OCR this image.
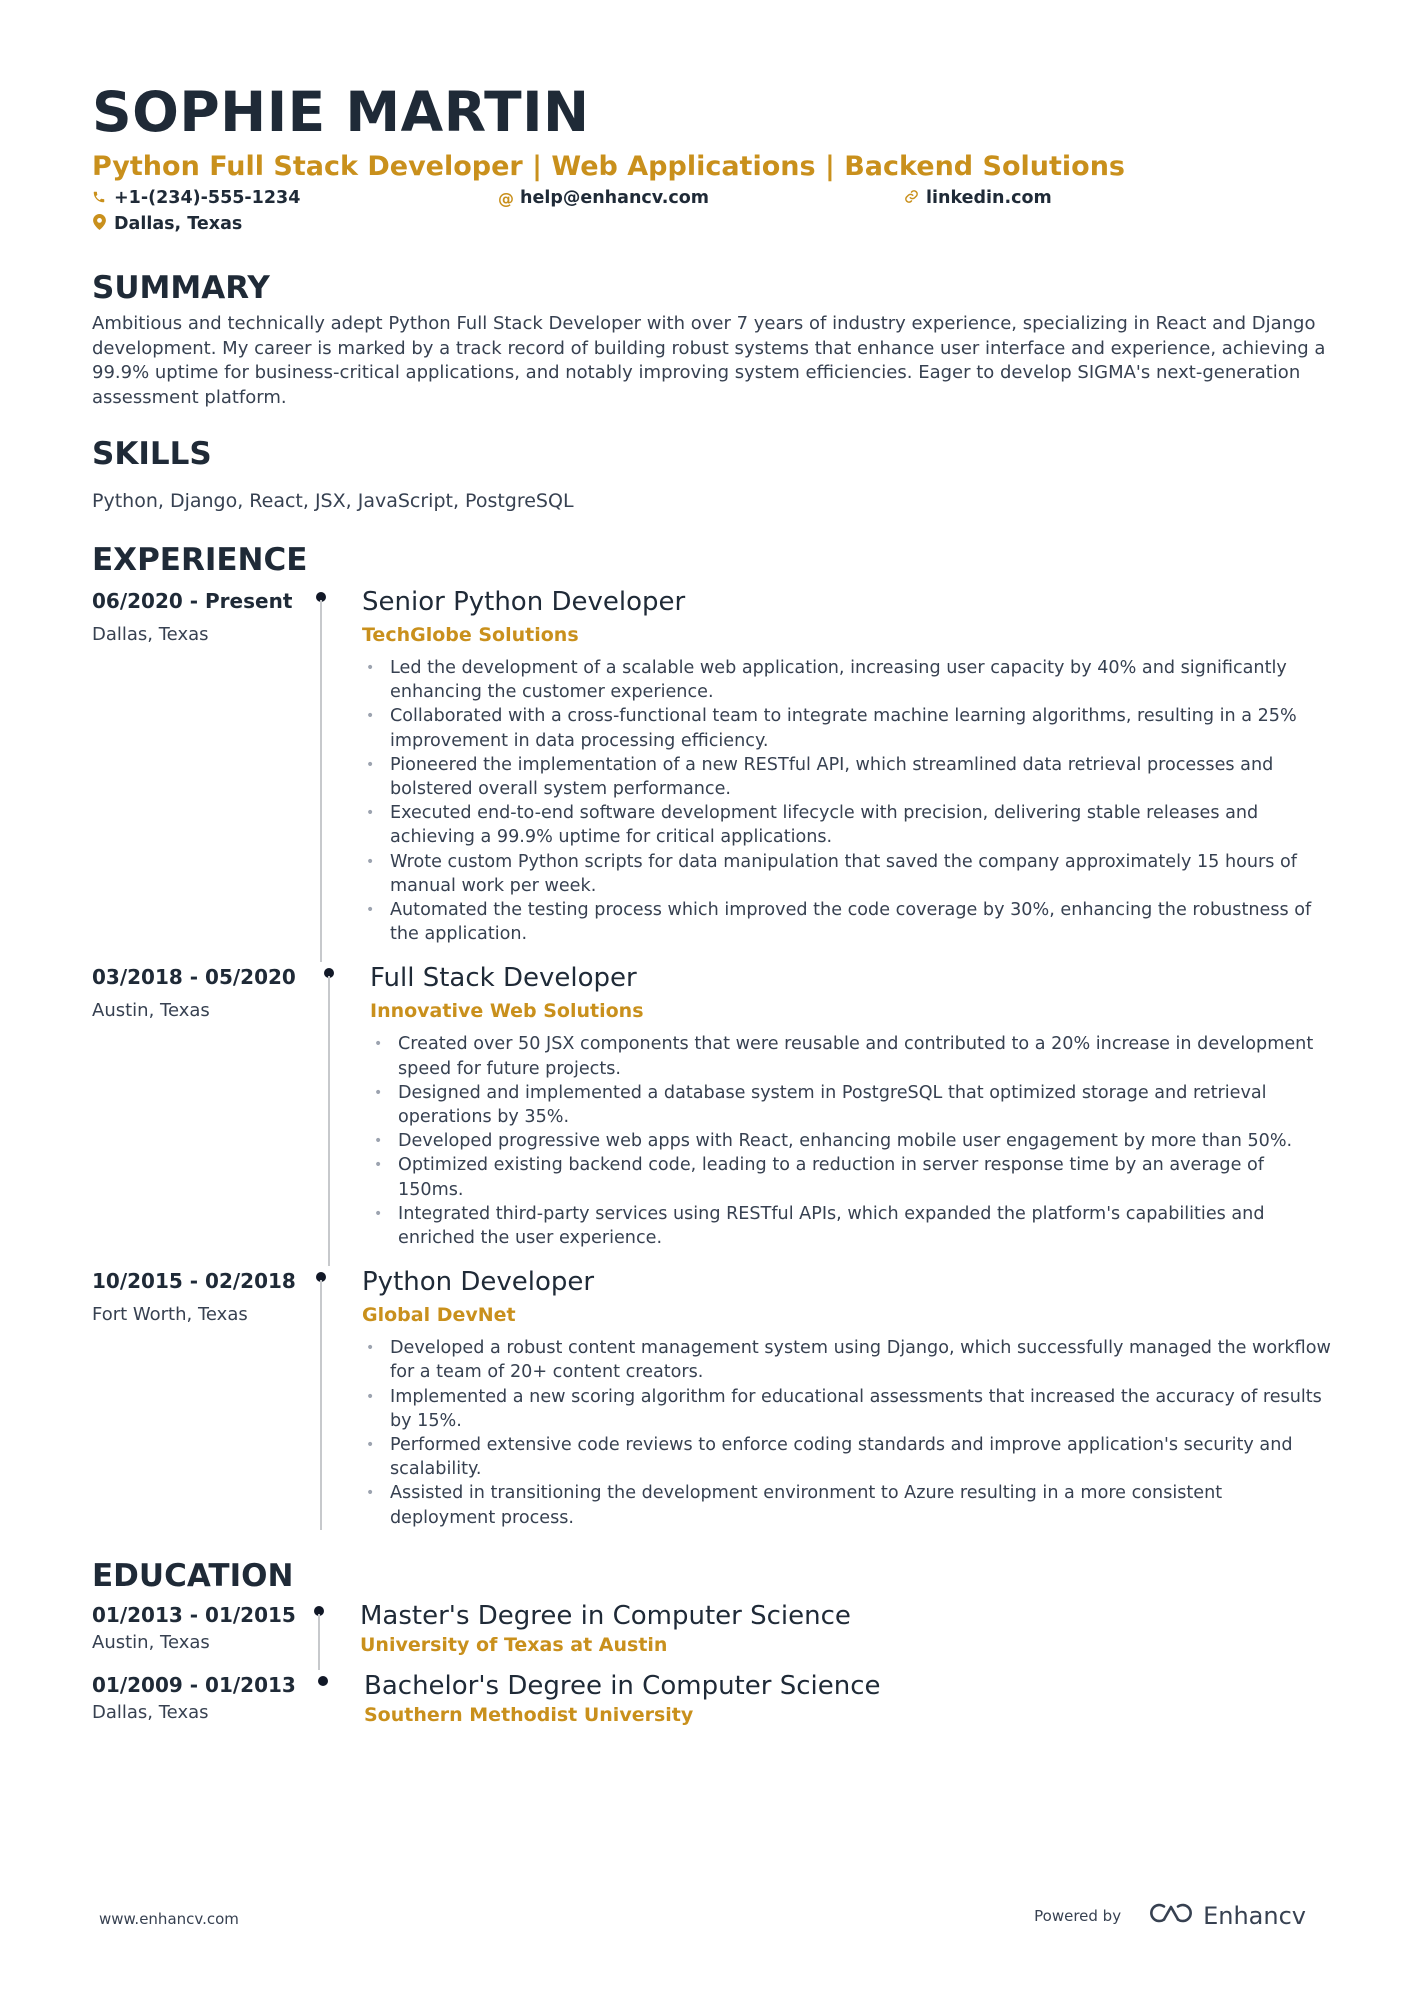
SOPHIE MARTIN
Python Full Stack Developer | Web Applications | Backend Solutions
+1-(234)-555-1234	@ help@enhancv.com	linkedin.com
Dallas, Texas
SUMMARY
Ambitious and technically adept Python Full Stack Developer with over 7 years of industry experience, specializing in React and Django development. My career is marked by a track record of building robust systems that enhance user interface and experience, achieving a 99.9% uptime for business-critical applications, and notably improving system efficiencies. Eager to develop SIGMA's next-generation assessment platform.
SKILLS
Python, Django, React, JSX, JavaScript, PostgreSQL
EXPERIENCE
06/2020 - Present
Dallas, Texas
Senior Python Developer
TechGlobe Solutions
• Led the development of a scalable web application, increasing user capacity by 40% and significantly enhancing the customer experience.
• Collaborated with a cross-functional team to integrate machine learning algorithms, resulting in a 25% improvement in data processing efficiency.
• Pioneered the implementation of a new RESTful API, which streamlined data retrieval processes and bolstered overall system performance.
• Executed end-to-end software development lifecycle with precision, delivering stable releases and achieving a 99.9% uptime for critical applications.
• Wrote custom Python scripts for data manipulation that saved the company approximately 15 hours of manual work per week.
• Automated the testing process which improved the code coverage by 30%, enhancing the robustness of the application.
03/2018 - 05/2020
Austin, Texas
Full Stack Developer
Innovative Web Solutions
• Created over 50 JSX components that were reusable and contributed to a 20% increase in development speed for future projects.
• Designed and implemented a database system in PostgreSQL that optimized storage and retrieval operations by 35%.
• Developed progressive web apps with React, enhancing mobile user engagement by more than 50%.
• Optimized existing backend code, leading to a reduction in server response time by an average of 150ms.
• Integrated third-party services using RESTful APIs, which expanded the platform's capabilities and enriched the user experience.
10/2015 - 02/2018
Fort Worth, Texas
Python Developer
Global DevNet
• Developed a robust content management system using Django, which successfully managed the workflow for a team of 20+ content creators.
• Implemented a new scoring algorithm for educational assessments that increased the accuracy of results by 15%.
• Performed extensive code reviews to enforce coding standards and improve application's security and scalability.
• Assisted in transitioning the development environment to Azure resulting in a more consistent deployment process.
EDUCATION
01/2013 - 01/2015
Austin, Texas
Master's Degree in Computer Science
University of Texas at Austin
01/2009 - 01/2013
Dallas, Texas
Bachelor's Degree in Computer Science
Southern Methodist University
www.enhancv.com	Powered by	Enhancv
